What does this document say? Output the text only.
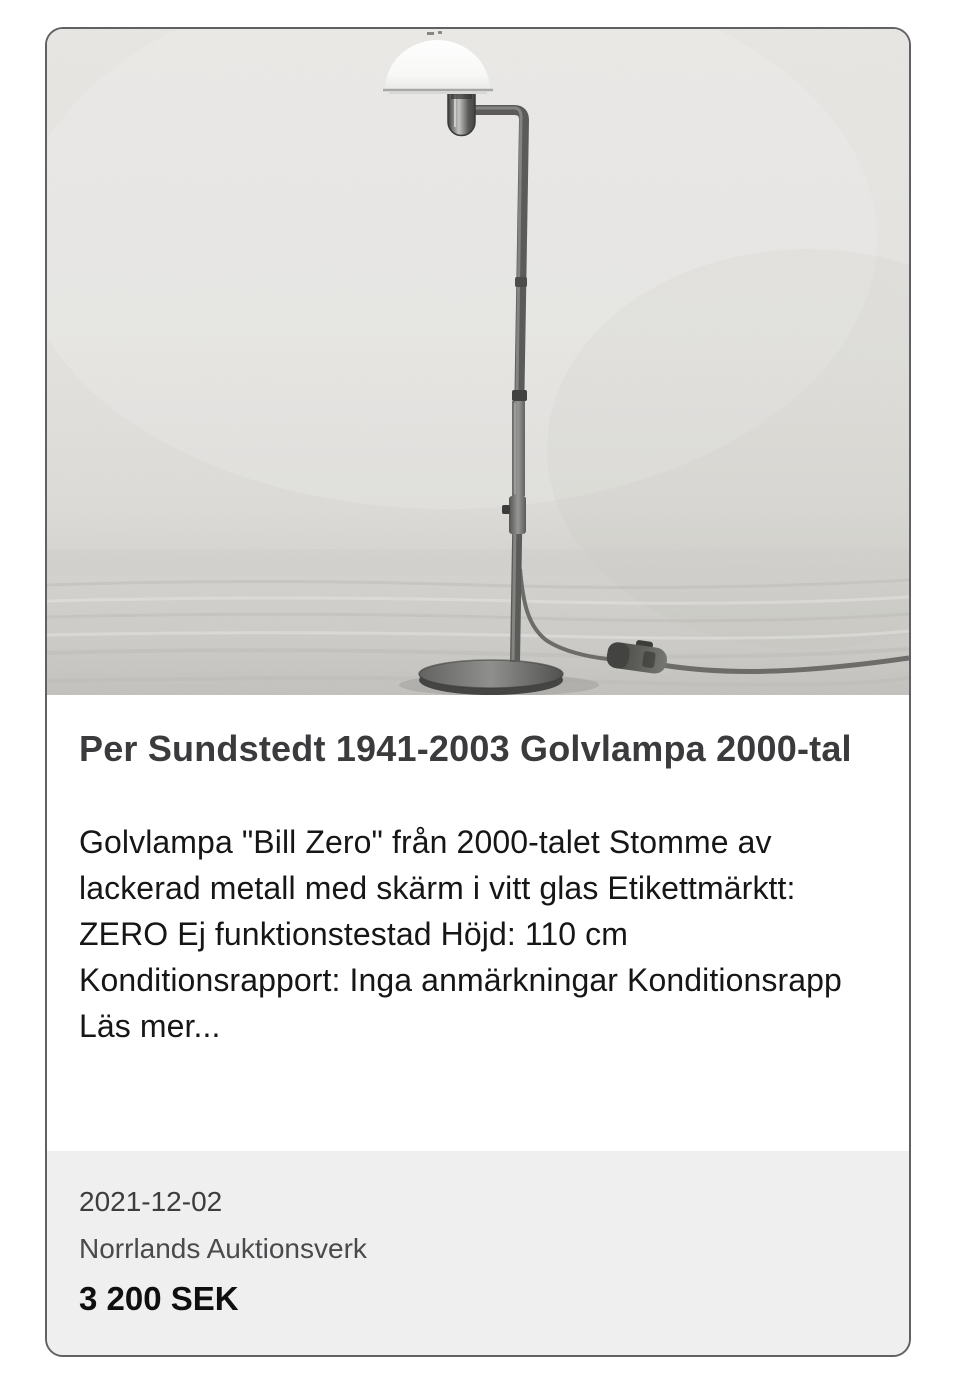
Per Sundstedt 1941-2003 Golvlampa 2000-tal

Golvlampa "Bill Zero" från 2000-talet Stomme av lackerad metall med skärm i vitt glas Etikettmärktt: ZERO Ej funktionstestad Höjd: 110 cm Konditionsrapport: Inga anmärkningar Konditionsrapp Läs mer...

2021-12-02
Norrlands Auktionsverk
3 200 SEK
